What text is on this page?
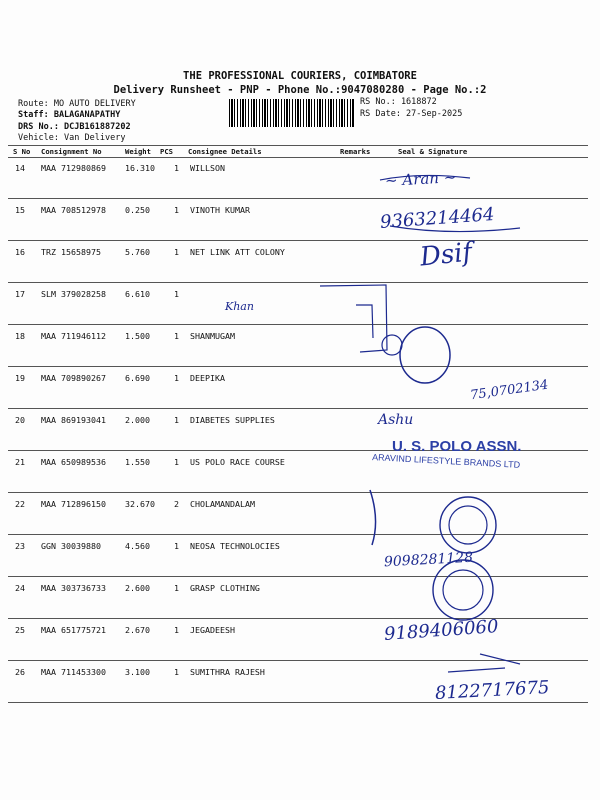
THE PROFESSIONAL COURIERS, COIMBATORE
Delivery Runsheet - PNP - Phone No.:9047080280 - Page No.:2
Route: MO AUTO DELIVERY
Staff: BALAGANAPATHY
DRS No.: DCJB161887202
Vehicle: Van Delivery
RS No.: 1618872
RS Date: 27-Sep-2025
S No Consignment No	Weight PCS Consignee Details	Remarks	Seal & Signature
14 MAA 712980869 16.310 1 WILLSON
15 MAA 708512978 0.250	1 VINOTH KUMAR
16 TRZ 15658975	5.760	1 NET LINK ATT COLONY
17 SLM 379028258 6.610	1
18 MAA 711946112 1.500	1 SHANMUGAM
19 MAA 709890267 6.690	1 DEEPIKA
20 MAA 869193041 2.000	1 DIABETES SUPPLIES
21 MAA 650989536 1.550	1 US POLO RACE COURSE
22 MAA 712896150 32.670 2 CHOLAMANDALAM
23 GGN 30039880	4.560	1 NEOSA TECHNOLOCIES
24 MAA 303736733 2.600	1 GRASP CLOTHING
25 MAA 651775721 2.670	1 JEGADEESH
26 MAA 711453300 3.100	1 SUMITHRA RAJESH
~ Aran ~
9363214464
Dsif
Khan
75,0702134
Ashu
9098281128
9189406060
8122717675
U. S. POLO ASSN.
ARAVIND LIFESTYLE BRANDS LTD
